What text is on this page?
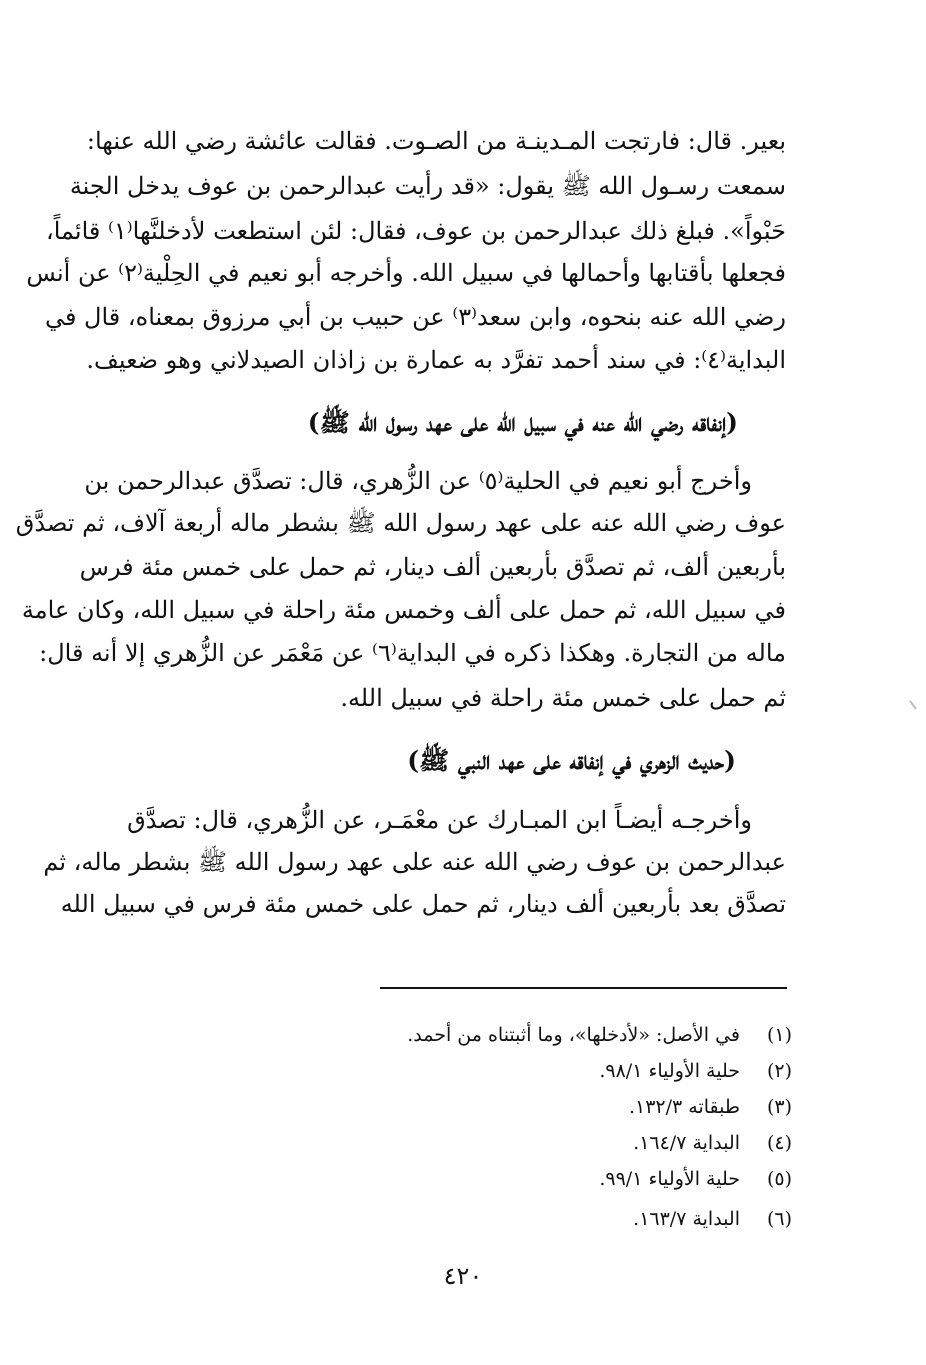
بعير. قال: فارتجت المـدينـة من الصـوت. فقالت عائشة رضي الله عنها:
سمعت رسـول الله ﷺ يقول: «قد رأيت عبدالرحمن بن عوف يدخل الجنة
حَبْواً». فبلغ ذلك عبدالرحمن بن عوف، فقال: لئن استطعت لأدخلنَّها⁽١⁾ قائماً،
فجعلها بأقتابها وأحمالها في سبيل الله. وأخرجه أبو نعيم في الحِلْية⁽٢⁾ عن أنس
رضي الله عنه بنحوه، وابن سعد⁽٣⁾ عن حبيب بن أبي مرزوق بمعناه، قال في
البداية⁽٤⁾: في سند أحمد تفرَّد به عمارة بن زاذان الصيدلاني وهو ضعيف.
(إنفاقه رضي الله عنه في سبيل الله على عهد رسول الله ﷺ)
وأخرج أبو نعيم في الحلية⁽٥⁾ عن الزُّهري، قال: تصدَّق عبدالرحمن بن
عوف رضي الله عنه على عهد رسول الله ﷺ بشطر ماله أربعة آلاف، ثم تصدَّق
بأربعين ألف، ثم تصدَّق بأربعين ألف دينار، ثم حمل على خمس مئة فرس
في سبيل الله، ثم حمل على ألف وخمس مئة راحلة في سبيل الله، وكان عامة
ماله من التجارة. وهكذا ذكره في البداية⁽٦⁾ عن مَعْمَر عن الزُّهري إلا أنه قال:
ثم حمل على خمس مئة راحلة في سبيل الله.
(حديث الزهري في إنفاقه على عهد النبي ﷺ)
وأخرجـه أيضـاً ابن المبـارك عن معْمَـر، عن الزُّهري، قال: تصدَّق
عبدالرحمن بن عوف رضي الله عنه على عهد رسول الله ﷺ بشطر ماله، ثم
تصدَّق بعد بأربعين ألف دينار، ثم حمل على خمس مئة فرس في سبيل الله
(١)في الأصل: «لأدخلها»، وما أثبتناه من أحمد.
(٢)حلية الأولياء ٩٨/١.
(٣)طبقاته ١٣٢/٣.
(٤)البداية ١٦٤/٧.
(٥)حلية الأولياء ٩٩/١.
(٦)البداية ١٦٣/٧.
٤٢٠
